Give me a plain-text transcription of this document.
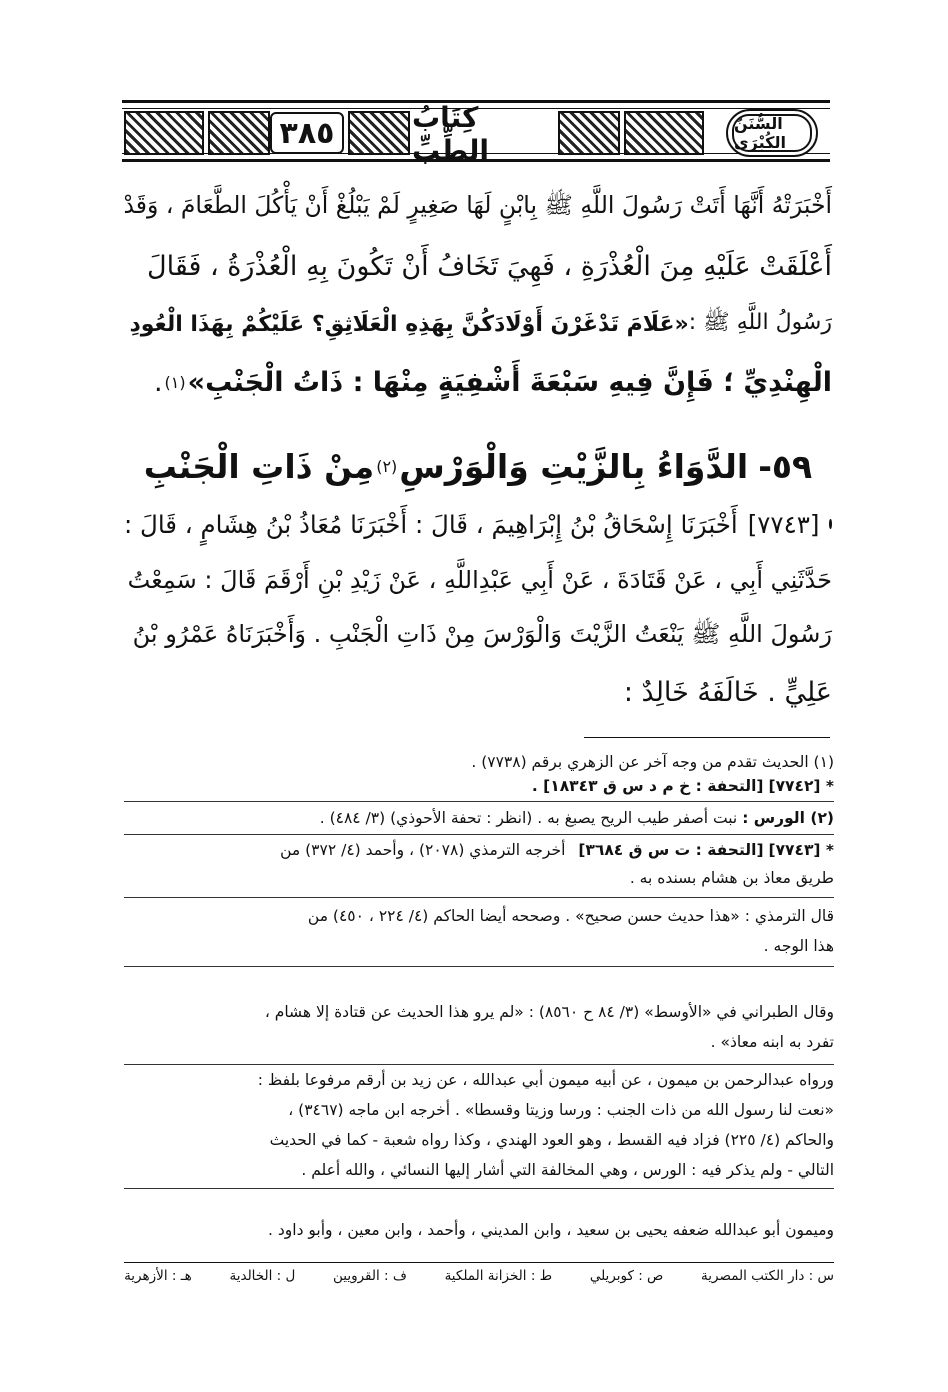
٣٨٥	كِتَابُ الطِّبِّ
السُّنَنُ الكُبْرَى
أَخْبَرَتْهُ أَنَّهَا أَتَتْ رَسُولَ اللَّهِ ﷺ بِابْنٍ لَهَا صَغِيرٍ لَمْ يَبْلُغْ أَنْ يَأْكُلَ الطَّعَامَ ، وَقَدْ
أَعْلَقَتْ عَلَيْهِ مِنَ الْعُذْرَةِ ، فَهِيَ تَخَافُ أَنْ تَكُونَ بِهِ الْعُذْرَةُ ، فَقَالَ
رَسُولُ اللَّهِ ﷺ :
«عَلَامَ تَدْغَرْنَ أَوْلَادَكُنَّ بِهَذِهِ الْعَلَاثِقِ؟ عَلَيْكُمْ بِهَذَا الْعُودِ
الْهِنْدِيِّ ؛ فَإِنَّ فِيهِ سَبْعَةَ أَشْفِيَةٍ مِنْهَا : ذَاتُ الْجَنْبِ»
(١)
.
٥٩-
الدَّوَاءُ بِالزَّيْتِ وَالْوَرْسِ
(٢)
مِنْ ذَاتِ الْجَنْبِ
[٧٧٤٣]
أَخْبَرَنَا إِسْحَاقُ بْنُ إِبْرَاهِيمَ ، قَالَ : أَخْبَرَنَا مُعَاذُ بْنُ هِشَامٍ ، قَالَ :
حَدَّثَنِي أَبِي ، عَنْ قَتَادَةَ ، عَنْ أَبِي عَبْدِاللَّهِ ، عَنْ زَيْدِ بْنِ أَرْقَمَ قَالَ : سَمِعْتُ
رَسُولَ اللَّهِ ﷺ يَنْعَتُ الزَّيْتَ وَالْوَرْسَ مِنْ ذَاتِ الْجَنْبِ . وَأَخْبَرَنَاهُ عَمْرُو بْنُ
عَلِيٍّ . خَالَفَهُ خَالِدٌ :
(١) الحديث تقدم من وجه آخر عن الزهري برقم (٧٧٣٨) .
* [٧٧٤٢] [التحفة : خ م د س ق ١٨٣٤٣] .
(٢) الورس : نبت أصفر طيب الريح يصبغ به . (انظر : تحفة الأحوذي) (٣/ ٤٨٤) .
* [٧٧٤٣] [التحفة : ت س ق ٣٦٨٤] أخرجه الترمذي (٢٠٧٨) ، وأحمد (٤/ ٣٧٢) من
طريق معاذ بن هشام بسنده به .
قال الترمذي : «هذا حديث حسن صحيح» . وصححه أيضا الحاكم (٤/ ٢٢٤ ، ٤٥٠) من
هذا الوجه .
وقال الطبراني في «الأوسط» (٣/ ٨٤ ح ٨٥٦٠) : «لم يرو هذا الحديث عن قتادة إلا هشام ،
تفرد به ابنه معاذ» .
ورواه عبدالرحمن بن ميمون ، عن أبيه ميمون أبي عبدالله ، عن زيد بن أرقم مرفوعا بلفظ :
«نعت لنا رسول الله من ذات الجنب : ورسا وزيتا وقسطا» . أخرجه ابن ماجه (٣٤٦٧) ،
والحاكم (٤/ ٢٢٥) فزاد فيه القسط ، وهو العود الهندي ، وكذا رواه شعبة - كما في الحديث
التالي - ولم يذكر فيه : الورس ، وهي المخالفة التي أشار إليها النسائي ، والله أعلم .
وميمون أبو عبدالله ضعفه يحيى بن سعيد ، وابن المديني ، وأحمد ، وابن معين ، وأبو داود .
س : دار الكتب المصرية
ص : كوبريلي
ط : الخزانة الملكية
ف : القرويين
ل : الخالدية
هـ : الأزهرية
